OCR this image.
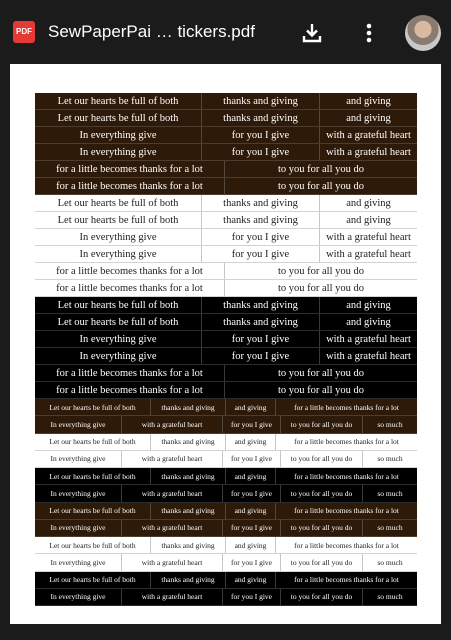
PDF SewPaperPai … tickers.pdf
Let our hearts be full of both	thanks and giving	and giving
Let our hearts be full of both	thanks and giving	and giving
In everything give	for you I give	with a grateful heart
In everything give	for you I give	with a grateful heart
for a little becomes thanks for a lot	to you for all you do
for a little becomes thanks for a lot	to you for all you do
Let our hearts be full of both	thanks and giving	and giving
Let our hearts be full of both	thanks and giving	and giving
In everything give	for you I give	with a grateful heart
In everything give	for you I give	with a grateful heart
for a little becomes thanks for a lot	to you for all you do
for a little becomes thanks for a lot	to you for all you do
Let our hearts be full of both	thanks and giving	and giving
Let our hearts be full of both	thanks and giving	and giving
In everything give	for you I give	with a grateful heart
In everything give	for you I give	with a grateful heart
for a little becomes thanks for a lot	to you for all you do
for a little becomes thanks for a lot	to you for all you do
Let our hearts be full of both	thanks and giving	and giving	for a little becomes thanks for a lot
In everything give	with a grateful heart	for you I give	to you for all you do	so much
Let our hearts be full of both	thanks and giving	and giving	for a little becomes thanks for a lot
In everything give	with a grateful heart	for you I give	to you for all you do	so much
Let our hearts be full of both	thanks and giving	and giving	for a little becomes thanks for a lot
In everything give	with a grateful heart	for you I give	to you for all you do	so much
Let our hearts be full of both	thanks and giving	and giving	for a little becomes thanks for a lot
In everything give	with a grateful heart	for you I give	to you for all you do	so much
Let our hearts be full of both	thanks and giving	and giving	for a little becomes thanks for a lot
In everything give	with a grateful heart	for you I give	to you for all you do	so much
Let our hearts be full of both	thanks and giving	and giving	for a little becomes thanks for a lot
In everything give	with a grateful heart	for you I give	to you for all you do	so much
